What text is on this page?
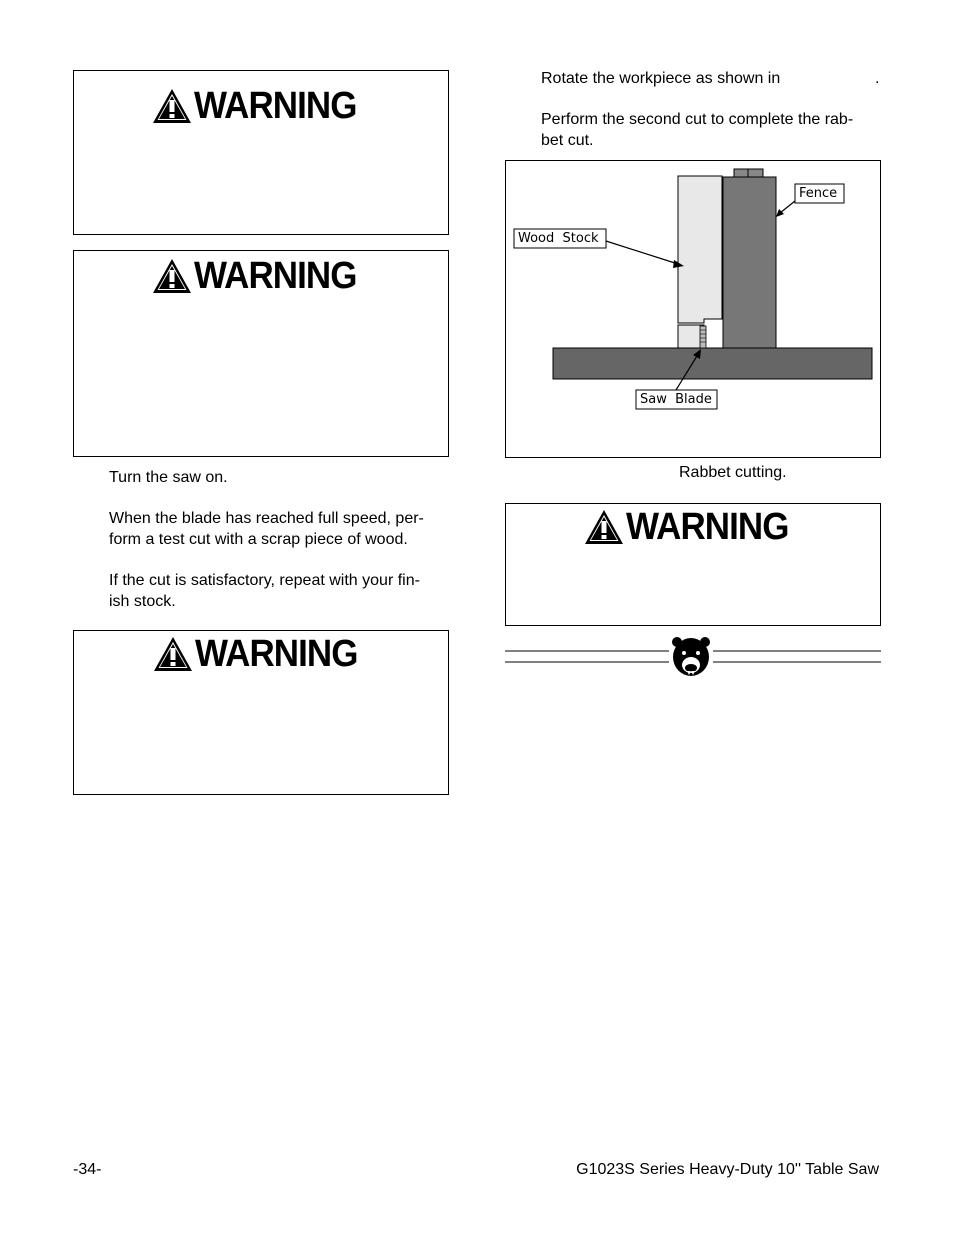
WARNING
WARNING
Turn the saw on.
When the blade has reached full speed, per-
form a test cut with a scrap piece of wood.
If the cut is satisfactory, repeat with your fin-
ish stock.
WARNING
Rotate the workpiece as shown in	.
Perform the second cut to complete the rab-
bet cut.
Fence
Wood  Stock
Saw  Blade
Rabbet cutting.
WARNING
-34-	G1023S Series Heavy-Duty 10'' Table Saw
